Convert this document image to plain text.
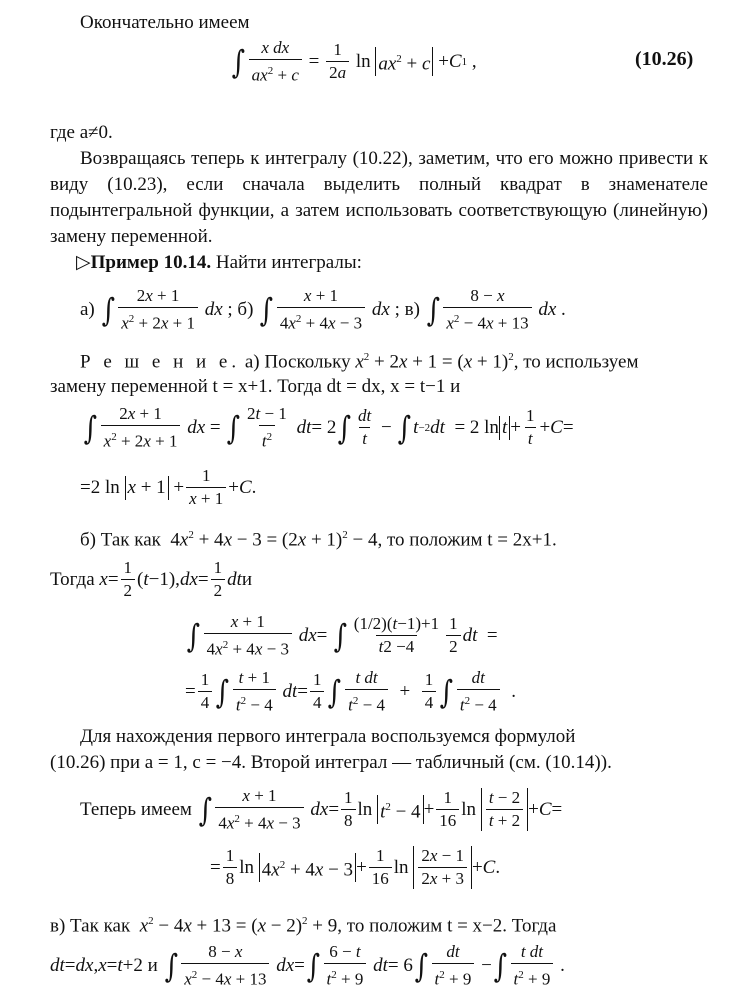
Окончательно имеем
∫ $\frac{\text{x dx}}{ax^2 + c} = \frac{1}{2a}$ $\ln ax^2 + c + C$ 1 ,	(10.26)
где a≠0.
Возвращаясь теперь к интегралу (10.22), заметим, что его можно привести к виду (10.23), если сначала выделить полный квадрат в знаменателе подынтегральной функции, а затем использовать соответствующую (линейную) замену переменной.
▷Пример 10.14. Найти интегралы:
а) ∫ $\frac{2x + 1}{x^2 + 2x + 1}$
dx ; б) ∫ $\frac{x + 1}{4x^2 + 4x - 3}$
dx ; в) ∫ $\frac{8 - x}{x^2 - 4x + 13}$
dx .
Р е ш е н и е. а) Поскольку $x^2 + 2x + 1 = (x + 1)^2$, то используем
замену переменной t = x+1. Тогда dt = dx, x = t−1 и
∫ $\frac{2x + 1}{x^2 + 2x + 1}$
dx = ∫ $\frac{2t - 1}{t^2}$
dt = 2 ∫ $\frac{dt}{t}$ − ∫ t −2 dt = 2 $\ln t + \frac{1}{t} + C$ =
=2 $\ln x + 1 + \frac{1}{x + 1} + C$ .
б) Так как  $4x^2 + 4x - 3 = (2x + 1)^2 - 4$, то положим t = 2x+1.
Тогда
$x = \frac{1}{2}$ ( t −1), dx = $\frac{1}{2}$ dt и
∫ $\frac{x + 1}{4x^2 + 4x - 3}$
dx = ∫ $\frac{(1/2)(t-1)+1}{t2 -4} \frac{1}{2}$ dt =
= $\frac{1}{4}$ ∫ $\frac{t + 1}{t^2 - 4}$
dt = $\frac{1}{4}$ ∫ $\frac{\text{t dt}}{t^2 - 4} + \frac{1}{4}$ ∫ $\frac{dt}{t^2 - 4}$ .
Для нахождения первого интеграла воспользуемся формулой
(10.26) при a = 1, c = −4. Второй интеграл — табличный (см. (10.14)).
Теперь имеем
∫ $\frac{x + 1}{4x^2 + 4x - 3}$
dx = $\frac{1}{8}$ $\ln t^2 - 4 + \frac{1}{16}$ $\ln \frac{t - 2}{t + 2} + C$ =
= $\frac{1}{8}$ $\ln 4x^2 + 4x - 3 + \frac{1}{16}$ $\ln \frac{2x - 1}{2x + 3} + C$ .
в) Так как $x^2 - 4x + 13 = (x - 2)^2 + 9$, то положим t = x−2. Тогда
dt = dx , x = t +2 и ∫ $\frac{8 - x}{x^2 - 4x + 13}$
dx = ∫ $\frac{6 - t}{t^2 + 9}$
dt = 6 ∫ $\frac{dt}{t^2 + 9}$ − ∫ $\frac{\text{t dt}}{t^2 + 9}$ .
